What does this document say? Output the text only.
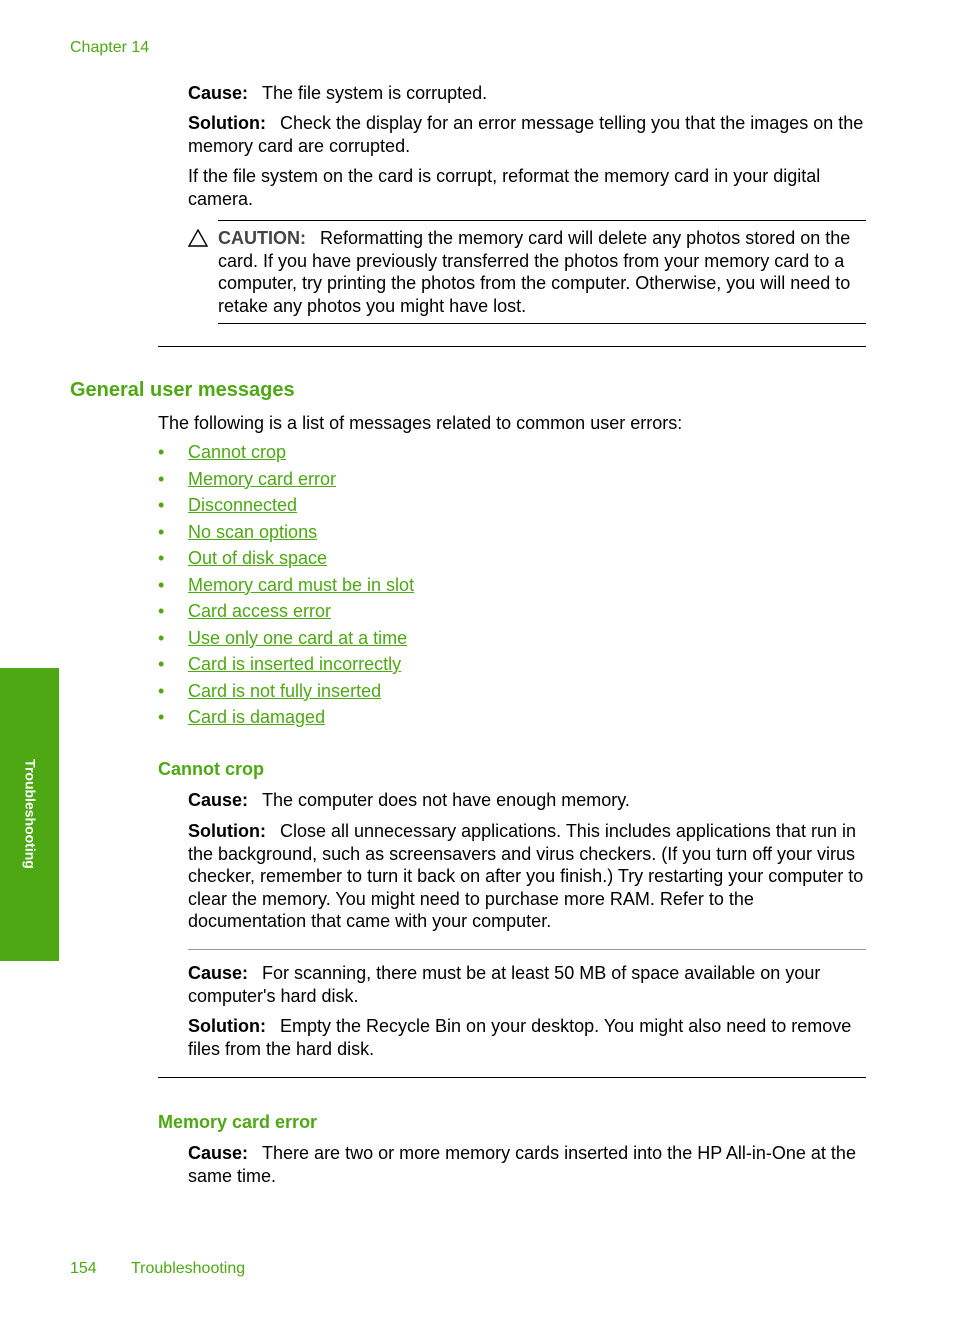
Chapter 14

Cause: The file system is corrupted.

Solution: Check the display for an error message telling you that the images on the memory card are corrupted.

If the file system on the card is corrupt, reformat the memory card in your digital camera.

CAUTION: Reformatting the memory card will delete any photos stored on the card. If you have previously transferred the photos from your memory card to a computer, try printing the photos from the computer. Otherwise, you will need to retake any photos you might have lost.
General user messages
The following is a list of messages related to common user errors:
• Cannot crop
• Memory card error
• Disconnected
• No scan options
• Out of disk space
• Memory card must be in slot
• Card access error
• Use only one card at a time
• Card is inserted incorrectly
• Card is not fully inserted
• Card is damaged
Cannot crop

Cause: The computer does not have enough memory.

Solution: Close all unnecessary applications. This includes applications that run in the background, such as screensavers and virus checkers. (If you turn off your virus checker, remember to turn it back on after you finish.) Try restarting your computer to clear the memory. You might need to purchase more RAM. Refer to the documentation that came with your computer.

Cause: For scanning, there must be at least 50 MB of space available on your computer's hard disk.

Solution: Empty the Recycle Bin on your desktop. You might also need to remove files from the hard disk.

Memory card error

Cause: There are two or more memory cards inserted into the HP All-in-One at the same time.

Troubleshooting
154 Troubleshooting
